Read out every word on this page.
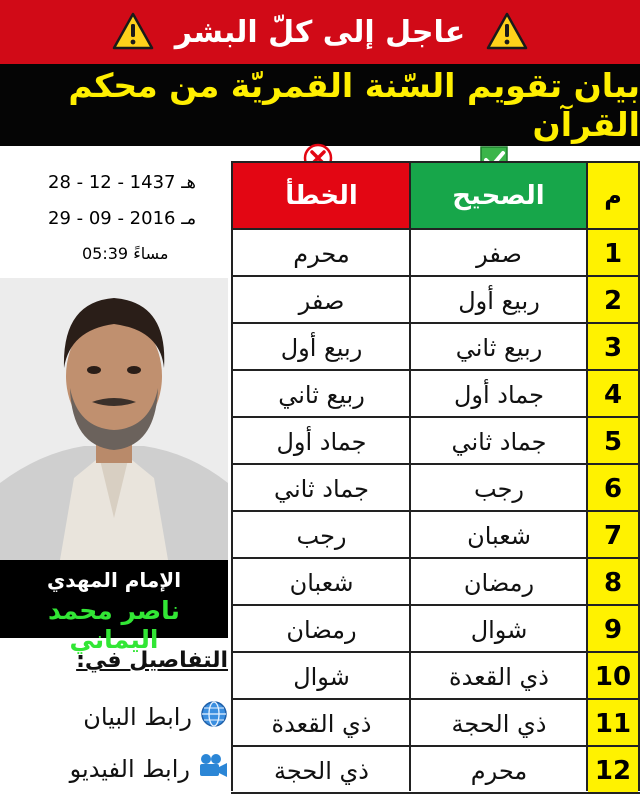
عاجل إلى كلّ البشر
بيان تقويم السّنة القمريّة من محكم القرآن
28 - 12 - 1437 هـ
29 - 09 - 2016 مـ
05:39 مساءً
الإمام المهدي
ناصر محمد اليماني
التفاصيل في:
رابط البيان
رابط الفيديو
الخطأ	الصحيح	م
محرم	صفر	1
صفر	ربيع أول	2
ربيع أول	ربيع ثاني	3
ربيع ثاني	جماد أول	4
جماد أول	جماد ثاني	5
جماد ثاني	رجب	6
رجب	شعبان	7
شعبان	رمضان	8
رمضان	شوال	9
شوال	ذي القعدة	10
ذي القعدة	ذي الحجة	11
ذي الحجة	محرم	12
